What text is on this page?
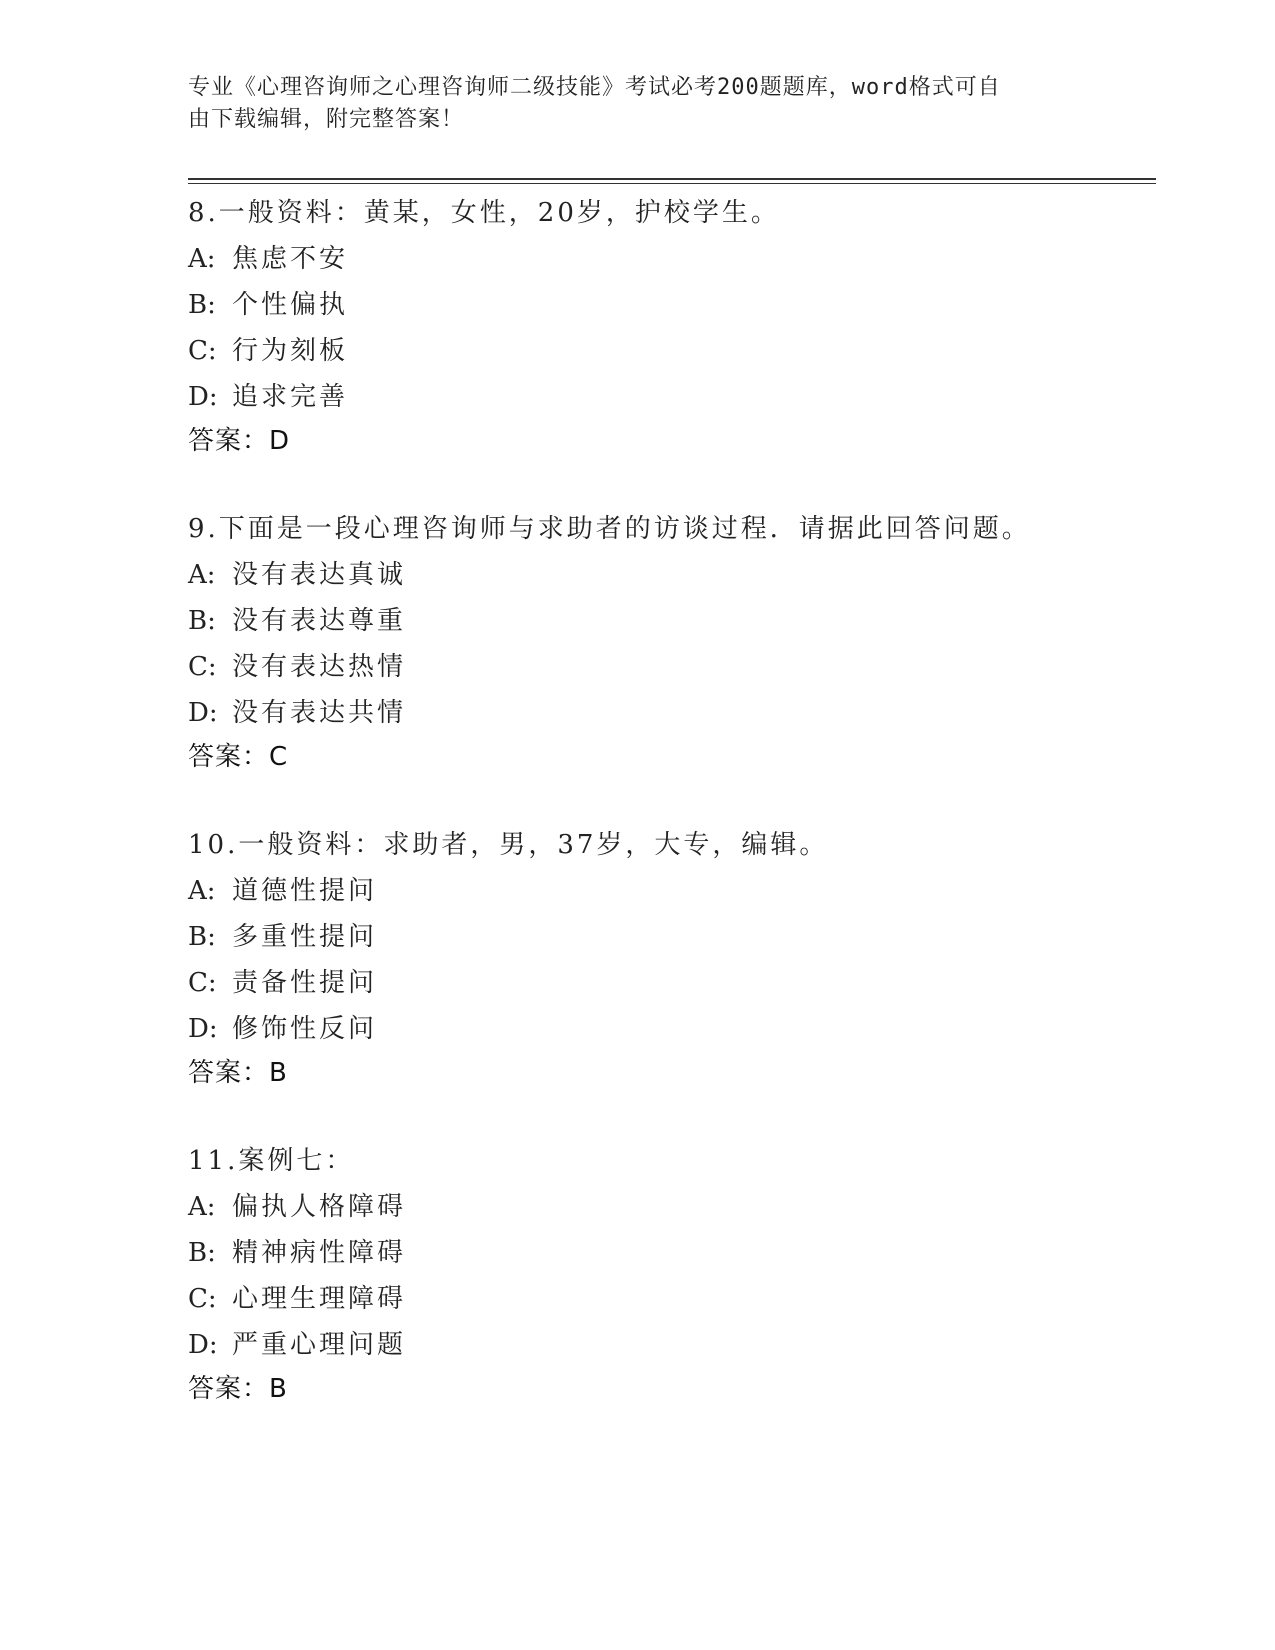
专业《心理咨询师之心理咨询师二级技能》考试必考200题题库，word格式可自
由下载编辑，附完整答案！
8.一般资料：黄某，女性，20岁，护校学生。
A: 焦虑不安
B: 个性偏执
C: 行为刻板
D: 追求完善
答案：D
9.下面是一段心理咨询师与求助者的访谈过程．请据此回答问题。
A: 没有表达真诚
B: 没有表达尊重
C: 没有表达热情
D: 没有表达共情
答案：C
10.一般资料：求助者，男，37岁，大专，编辑。
A: 道德性提问
B: 多重性提问
C: 责备性提问
D: 修饰性反问
答案：B
11.案例七：
A: 偏执人格障碍
B: 精神病性障碍
C: 心理生理障碍
D: 严重心理问题
答案：B
